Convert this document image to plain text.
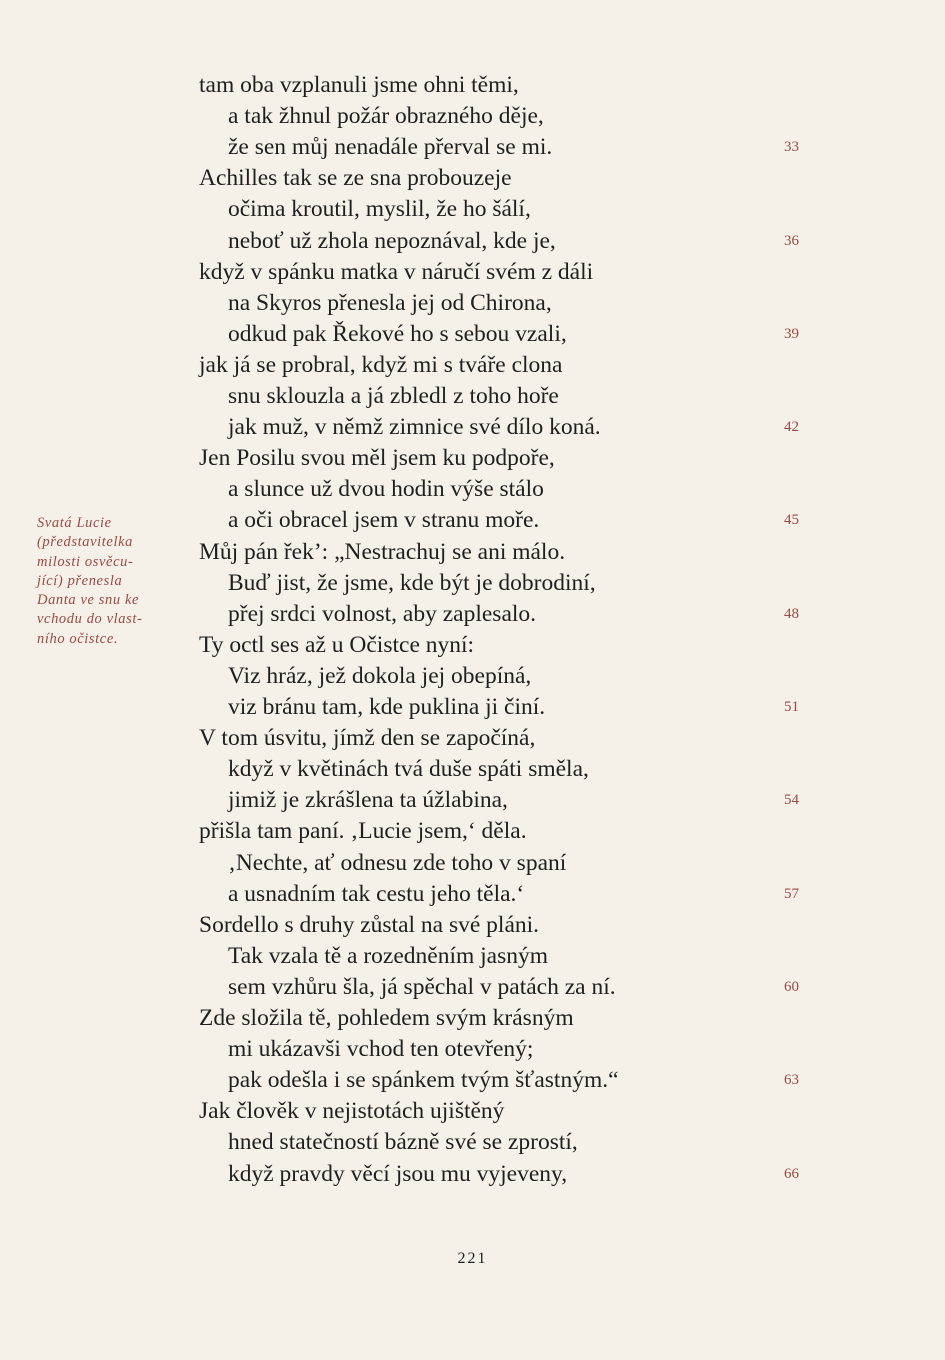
tam oba vzplanuli jsme ohni těmi,
a tak žhnul požár obrazného děje,
že sen můj nenadále přerval se mi.
Achilles tak se ze sna probouzeje
očima kroutil, myslil, že ho šálí,
neboť už zhola nepoznával, kde je,
když v spánku matka v náručí svém z dáli
na Skyros přenesla jej od Chirona,
odkud pak Řekové ho s sebou vzali,
jak já se probral, když mi s tváře clona
snu sklouzla a já zbledl z toho hoře
jak muž, v němž zimnice své dílo koná.
Jen Posilu svou měl jsem ku podpoře,
a slunce už dvou hodin výše stálo
a oči obracel jsem v stranu moře.
Můj pán řek’: „Nestrachuj se ani málo.
Buď jist, že jsme, kde být je dobrodiní,
přej srdci volnost, aby zaplesalo.
Ty octl ses až u Očistce nyní:
Viz hráz, jež dokola jej obepíná,
viz bránu tam, kde puklina ji činí.
V tom úsvitu, jímž den se započíná,
když v květinách tvá duše spáti směla,
jimiž je zkrášlena ta úžlabina,
přišla tam paní. ‚Lucie jsem,‘ děla.
‚Nechte, ať odnesu zde toho v spaní
a usnadním tak cestu jeho těla.‘
Sordello s druhy zůstal na své pláni.
Tak vzala tě a rozedněním jasným
sem vzhůru šla, já spěchal v patách za ní.
Zde složila tě, pohledem svým krásným
mi ukázavši vchod ten otevřený;
pak odešla i se spánkem tvým šťastným.“
Jak člověk v nejistotách ujištěný
hned statečností bázně své se zprostí,
když pravdy věcí jsou mu vyjeveny,
33
36
39
42
45
48
51
54
57
60
63
66
Svatá Lucie
(představitelka
milosti osvěcu-
jící) přenesla
Danta ve snu ke
vchodu do vlast-
ního očistce.
221
